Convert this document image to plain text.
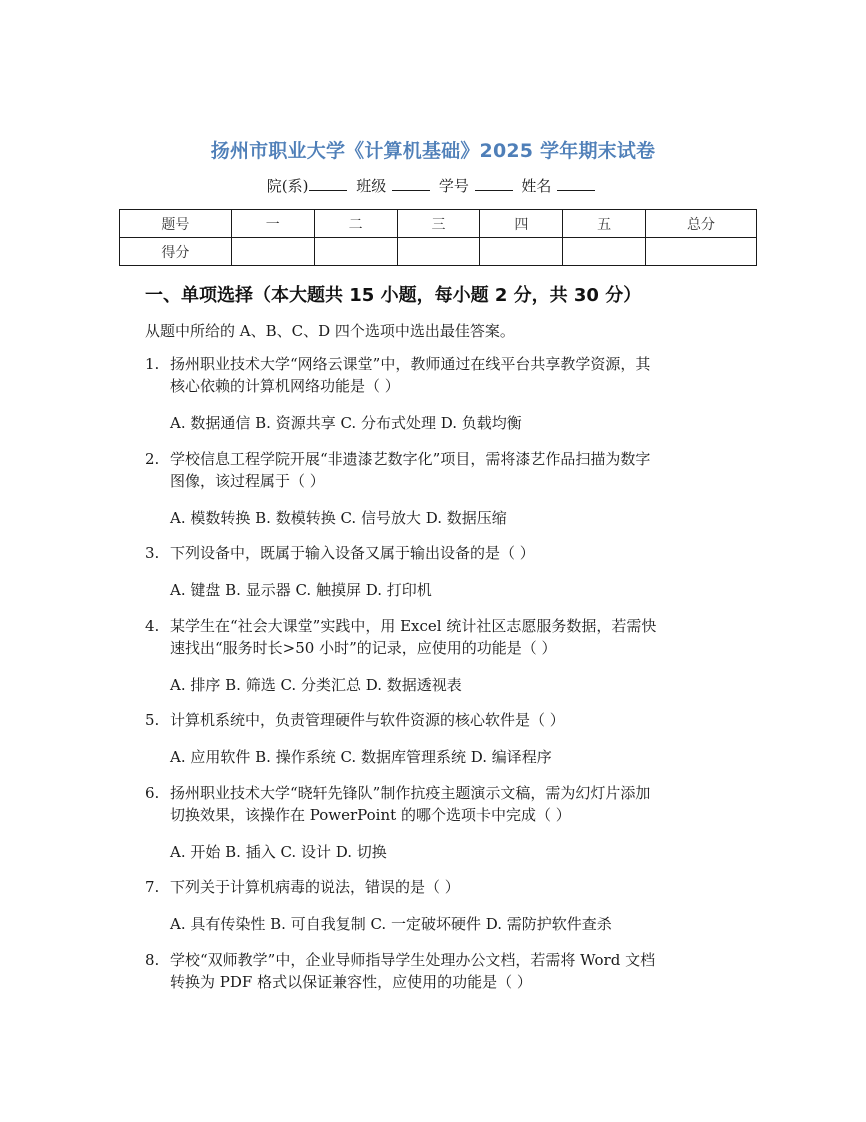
扬州市职业大学《计算机基础》2025 学年期末试卷
院(系)	班级	学号	姓名
题号	一	二	三	四	五	总分
得分						
一、单项选择（本大题共 15 小题，每小题 2 分，共 30 分）
从题中所给的 A、B、C、D 四个选项中选出最佳答案。
1. 扬州职业技术大学“网络云课堂”中，教师通过在线平台共享教学资源，其
核心依赖的计算机网络功能是（ ）
A. 数据通信 B. 资源共享 C. 分布式处理 D. 负载均衡
2. 学校信息工程学院开展“非遗漆艺数字化”项目，需将漆艺作品扫描为数字
图像，该过程属于（ ）
A. 模数转换 B. 数模转换 C. 信号放大 D. 数据压缩
3. 下列设备中，既属于输入设备又属于输出设备的是（ ）
A. 键盘 B. 显示器 C. 触摸屏 D. 打印机
4. 某学生在“社会大课堂”实践中，用 Excel 统计社区志愿服务数据，若需快
速找出“服务时长>50 小时”的记录，应使用的功能是（ ）
A. 排序 B. 筛选 C. 分类汇总 D. 数据透视表
5. 计算机系统中，负责管理硬件与软件资源的核心软件是（ ）
A. 应用软件 B. 操作系统 C. 数据库管理系统 D. 编译程序
6. 扬州职业技术大学“晓轩先锋队”制作抗疫主题演示文稿，需为幻灯片添加
切换效果，该操作在 PowerPoint 的哪个选项卡中完成（ ）
A. 开始 B. 插入 C. 设计 D. 切换
7. 下列关于计算机病毒的说法，错误的是（ ）
A. 具有传染性 B. 可自我复制 C. 一定破坏硬件 D. 需防护软件查杀
8. 学校“双师教学”中，企业导师指导学生处理办公文档，若需将 Word 文档
转换为 PDF 格式以保证兼容性，应使用的功能是（ ）
